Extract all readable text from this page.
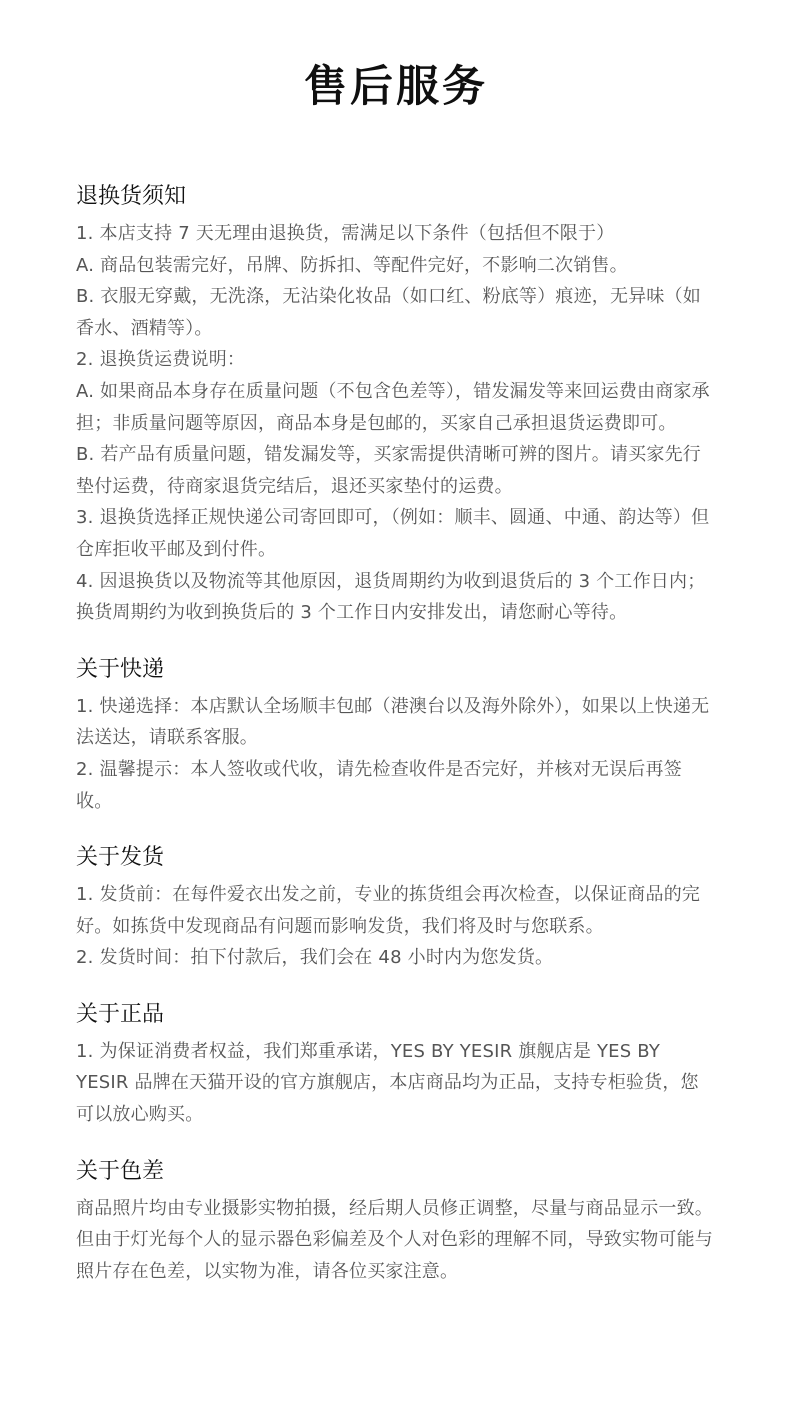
售后服务
退换货须知

1. 本店支持 7 天无理由退换货，需满足以下条件（包括但不限于）

A. 商品包装需完好，吊牌、防拆扣、等配件完好，不影响二次销售。

B. 衣服无穿戴，无洗涤，无沾染化妆品（如口红、粉底等）痕迹，无异味（如香水、酒精等）。

2. 退换货运费说明：

A. 如果商品本身存在质量问题（不包含色差等），错发漏发等来回运费由商家承担；非质量问题等原因，商品本身是包邮的，买家自己承担退货运费即可。

B. 若产品有质量问题，错发漏发等，买家需提供清晰可辨的图片。请买家先行垫付运费，待商家退货完结后，退还买家垫付的运费。

3. 退换货选择正规快递公司寄回即可，（例如：顺丰、圆通、中通、韵达等）但仓库拒收平邮及到付件。

4. 因退换货以及物流等其他原因，退货周期约为收到退货后的 3 个工作日内；换货周期约为收到换货后的 3 个工作日内安排发出，请您耐心等待。

关于快递

1. 快递选择：本店默认全场顺丰包邮（港澳台以及海外除外），如果以上快递无法送达，请联系客服。

2. 温馨提示：本人签收或代收，请先检查收件是否完好，并核对无误后再签收。

关于发货

1. 发货前：在每件爱衣出发之前，专业的拣货组会再次检查，以保证商品的完好。如拣货中发现商品有问题而影响发货，我们将及时与您联系。

2. 发货时间：拍下付款后，我们会在 48 小时内为您发货。

关于正品

1. 为保证消费者权益，我们郑重承诺，YES BY YESIR 旗舰店是 YES BY YESIR 品牌在天猫开设的官方旗舰店，本店商品均为正品，支持专柜验货，您可以放心购买。

关于色差

商品照片均由专业摄影实物拍摄，经后期人员修正调整，尽量与商品显示一致。但由于灯光每个人的显示器色彩偏差及个人对色彩的理解不同，导致实物可能与照片存在色差，以实物为准，请各位买家注意。
